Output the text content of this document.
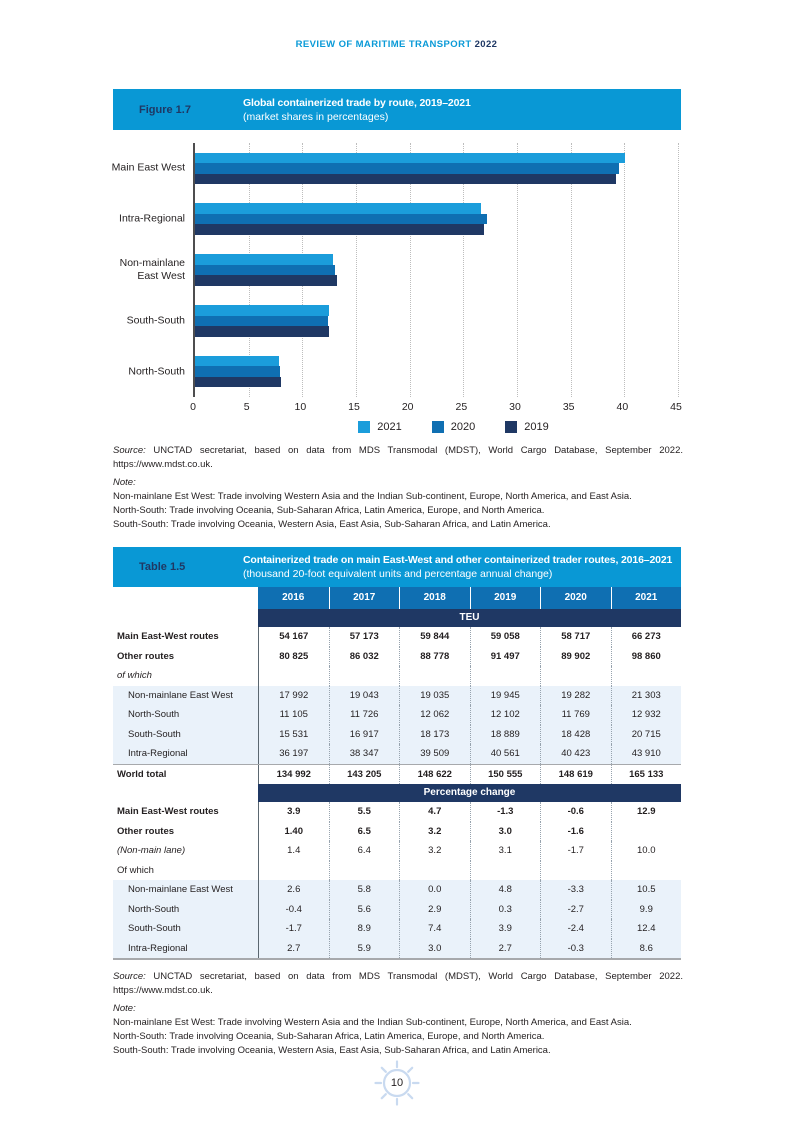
REVIEW OF MARITIME TRANSPORT 2022
Figure 1.7
Global containerized trade by route, 2019–2021
(market shares in percentages)
Main East West
Intra-Regional
Non-mainlane East West
South-South
North-South
0	5	10	15	20	25	30	35	40	45
2021	2020	2019
Source: UNCTAD secretariat, based on data from MDS Transmodal (MDST), World Cargo Database, September 2022.
https://www.mdst.co.uk.
Note:
Non-mainlane Est West: Trade involving Western Asia and the Indian Sub-continent, Europe, North America, and East Asia.
North-South: Trade involving Oceania, Sub-Saharan Africa, Latin America, Europe, and North America.
South-South: Trade involving Oceania, Western Asia, East Asia, Sub-Saharan Africa, and Latin America.
Table 1.5
Containerized trade on main East-West and other containerized trader routes, 2016–2021
(thousand 20-foot equivalent units and percentage annual change)
2016	2017	2018	2019	2020	2021
TEU
Main East-West routes	54 167	57 173	59 844	59 058	58 717	66 273
Other routes	80 825	86 032	88 778	91 497	89 902	98 860
of which
Non-mainlane East West	17 992	19 043	19 035	19 945	19 282	21 303
North-South	11 105	11 726	12 062	12 102	11 769	12 932
South-South	15 531	16 917	18 173	18 889	18 428	20 715
Intra-Regional	36 197	38 347	39 509	40 561	40 423	43 910
World total	134 992	143 205	148 622	150 555	148 619	165 133
Percentage change
Main East-West routes	3.9	5.5	4.7	-1.3	-0.6	12.9
Other routes	1.40	6.5	3.2	3.0	-1.6
(Non-main lane)	1.4	6.4	3.2	3.1	-1.7	10.0
Of which
Non-mainlane East West	2.6	5.8	0.0	4.8	-3.3	10.5
North-South	-0.4	5.6	2.9	0.3	-2.7	9.9
South-South	-1.7	8.9	7.4	3.9	-2.4	12.4
Intra-Regional	2.7	5.9	3.0	2.7	-0.3	8.6
Source: UNCTAD secretariat, based on data from MDS Transmodal (MDST), World Cargo Database, September 2022.
https://www.mdst.co.uk.
Note:
Non-mainlane Est West: Trade involving Western Asia and the Indian Sub-continent, Europe, North America, and East Asia.
North-South: Trade involving Oceania, Sub-Saharan Africa, Latin America, Europe, and North America.
South-South: Trade involving Oceania, Western Asia, East Asia, Sub-Saharan Africa, and Latin America.
10
